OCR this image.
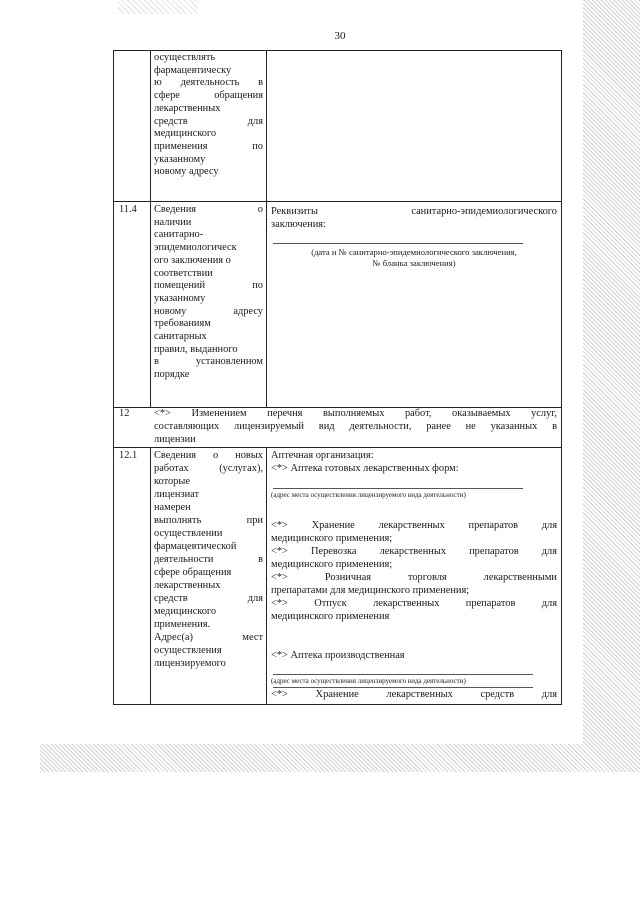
30

осуществлять

фармацевтическу

ю деятельность в

сфере обращения

лекарственных

средств для

медицинского

применения по

указанному

новому адресу

11.4 Сведения о

наличии

санитарно-

эпидемиологическ

ого заключения о

соответствии

помещений по

указанному

новому адресу

требованиям

санитарных

правил, выданного

в установленном

порядке

Реквизиты санитарно-эпидемиологического

заключения:

(дата и № санитарно-эпидемиологического заключения,

№ бланка заключения)

12 <*> Изменением перечня выполняемых работ, оказываемых услуг,

составляющих лицензируемый вид деятельности, ранее не указанных в

лицензии

12.1 Сведения о новых

работах (услугах),

которые

лицензиат

намерен

выполнять при

осуществлении

фармацевтической

деятельности в

сфере обращения

лекарственных

средств для

медицинского

применения.

Адрес(а) мест

осуществления

лицензируемого

Аптечная организация:

<*> Аптека готовых лекарственных форм:

(адрес места осуществления лицензируемого вида деятельности)

<*> Хранение лекарственных препаратов для

медицинского применения;

<*> Перевозка лекарственных препаратов для

медицинского применения;

<*> Розничная торговля лекарственными

препаратами для медицинского применения;

<*> Отпуск лекарственных препаратов для

медицинского применения

<*> Аптека производственная

(адрес места осуществления лицензируемого вида деятельности)

<*> Хранение лекарственных средств для
